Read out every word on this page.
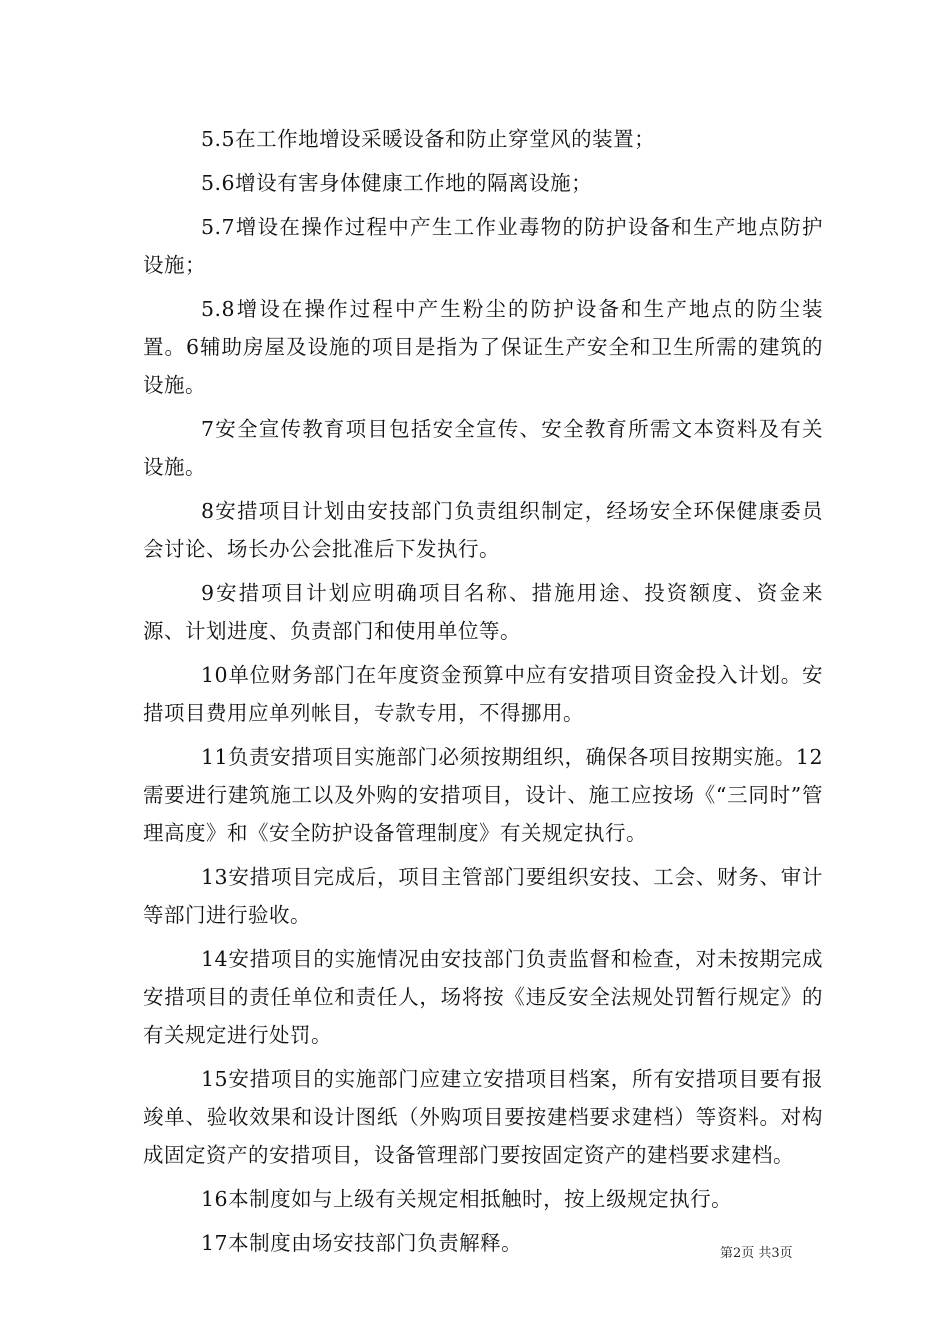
5.5在工作地增设采暖设备和防止穿堂风的装置；

5.6增设有害身体健康工作地的隔离设施；

5.7增设在操作过程中产生工作业毒物的防护设备和生产地点防护设施；

5.8增设在操作过程中产生粉尘的防护设备和生产地点的防尘装置。6辅助房屋及设施的项目是指为了保证生产安全和卫生所需的建筑的设施。

7安全宣传教育项目包括安全宣传、安全教育所需文本资料及有关设施。

8安措项目计划由安技部门负责组织制定，经场安全环保健康委员会讨论、场长办公会批准后下发执行。

9安措项目计划应明确项目名称、措施用途、投资额度、资金来源、计划进度、负责部门和使用单位等。

10单位财务部门在年度资金预算中应有安措项目资金投入计划。安措项目费用应单列帐目，专款专用，不得挪用。

11负责安措项目实施部门必须按期组织，确保各项目按期实施。12需要进行建筑施工以及外购的安措项目，设计、施工应按场《“三同时”管理高度》和《安全防护设备管理制度》有关规定执行。

13安措项目完成后，项目主管部门要组织安技、工会、财务、审计等部门进行验收。

14安措项目的实施情况由安技部门负责监督和检查，对未按期完成安措项目的责任单位和责任人，场将按《违反安全法规处罚暂行规定》的有关规定进行处罚。

15安措项目的实施部门应建立安措项目档案，所有安措项目要有报竣单、验收效果和设计图纸（外购项目要按建档要求建档）等资料。对构成固定资产的安措项目，设备管理部门要按固定资产的建档要求建档。

16本制度如与上级有关规定相抵触时，按上级规定执行。

17本制度由场安技部门负责解释。	第2页 共3页
